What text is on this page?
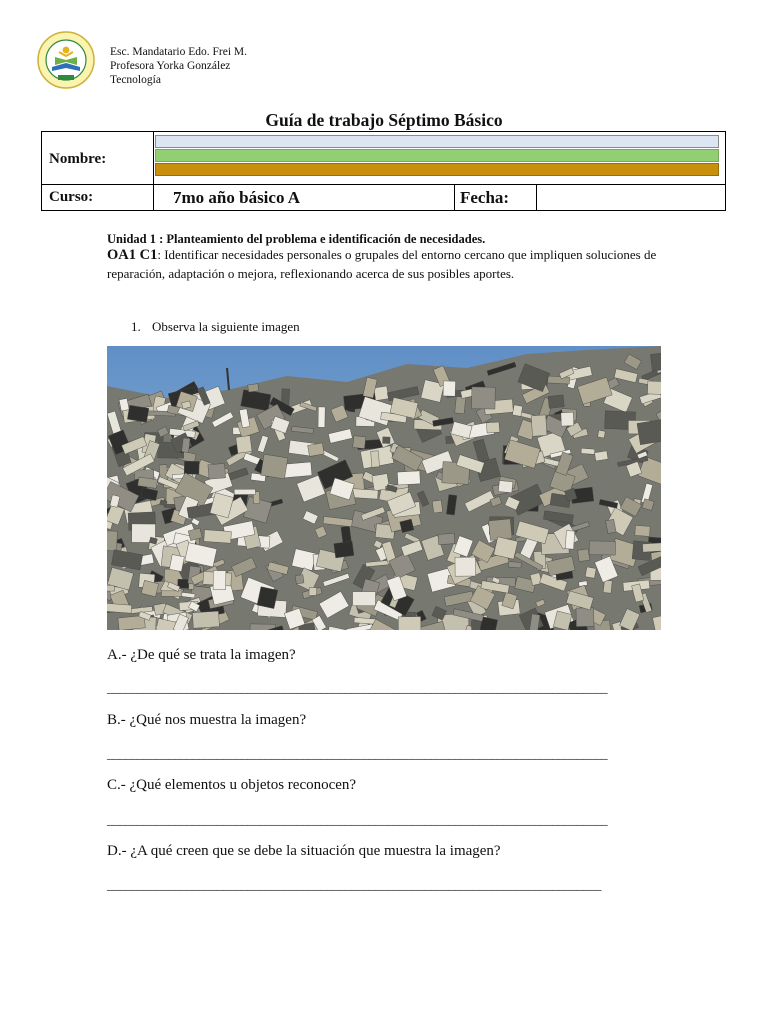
Esc. Mandatario Edo. Frei M.
Profesora Yorka González
Tecnología
Guía de trabajo Séptimo Básico
Nombre:
Curso:	7mo año básico A	Fecha:
Unidad 1 : Planteamiento del problema e identificación de necesidades.
OA1 C1: Identificar necesidades personales o grupales del entorno cercano que impliquen soluciones de reparación, adaptación o mejora, reflexionando acerca de sus posibles aportes.
1. Observa la siguiente imagen
A.- ¿De qué se trata la imagen?
__________________________________________________________________________________
B.- ¿Qué nos muestra la imagen?
__________________________________________________________________________________
C.- ¿Qué elementos u objetos reconocen?
__________________________________________________________________________________
D.- ¿A qué creen que se debe la situación que muestra la imagen?
_________________________________________________________________________________
